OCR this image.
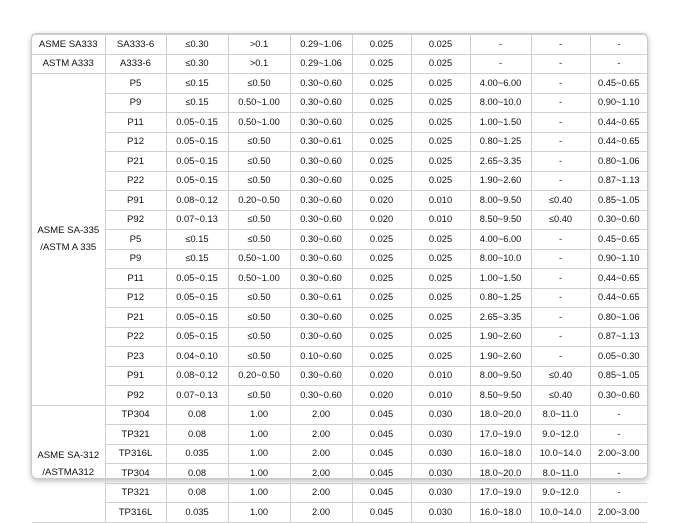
ASME SA333	SA333-6	≤0.30	>0.1	0.29~1.06	0.025	0.025	-	-	-
ASTM A333	A333-6	≤0.30	>0.1	0.29~1.06	0.025	0.025	-	-	-
ASME SA-335
/ASTM A 335	P5	≤0.15	≤0.50	0.30~0.60	0.025	0.025	4.00~6.00	-	0.45~0.65
	P9	≤0.15	0.50~1.00	0.30~0.60	0.025	0.025	8.00~10.0	-	0.90~1.10
	P11	0.05~0.15	0.50~1.00	0.30~0.60	0.025	0.025	1.00~1.50	-	0.44~0.65
	P12	0.05~0.15	≤0.50	0.30~0.61	0.025	0.025	0.80~1.25	-	0.44~0.65
	P21	0.05~0.15	≤0.50	0.30~0.60	0.025	0.025	2.65~3.35	-	0.80~1.06
	P22	0.05~0.15	≤0.50	0.30~0.60	0.025	0.025	1.90~2.60	-	0.87~1.13
	P91	0.08~0.12	0.20~0.50	0.30~0.60	0.020	0.010	8.00~9.50	≤0.40	0.85~1.05
	P92	0.07~0.13	≤0.50	0.30~0.60	0.020	0.010	8.50~9.50	≤0.40	0.30~0.60
	P5	≤0.15	≤0.50	0.30~0.60	0.025	0.025	4.00~6.00	-	0.45~0.65
	P9	≤0.15	0.50~1.00	0.30~0.60	0.025	0.025	8.00~10.0	-	0.90~1.10
	P11	0.05~0.15	0.50~1.00	0.30~0.60	0.025	0.025	1.00~1.50	-	0.44~0.65
	P12	0.05~0.15	≤0.50	0.30~0.61	0.025	0.025	0.80~1.25	-	0.44~0.65
	P21	0.05~0.15	≤0.50	0.30~0.60	0.025	0.025	2.65~3.35	-	0.80~1.06
	P22	0.05~0.15	≤0.50	0.30~0.60	0.025	0.025	1.90~2.60	-	0.87~1.13
	P23	0.04~0.10	≤0.50	0.10~0.60	0.025	0.025	1.90~2.60	-	0.05~0.30
	P91	0.08~0.12	0.20~0.50	0.30~0.60	0.020	0.010	8.00~9.50	≤0.40	0.85~1.05
	P92	0.07~0.13	≤0.50	0.30~0.60	0.020	0.010	8.50~9.50	≤0.40	0.30~0.60
ASME SA-312
/ASTMA312	TP304	0.08	1.00	2.00	0.045	0.030	18.0~20.0	8.0~11.0	-
	TP321	0.08	1.00	2.00	0.045	0.030	17.0~19.0	9.0~12.0	-
	TP316L	0.035	1.00	2.00	0.045	0.030	16.0~18.0	10.0~14.0	2.00~3.00
	TP304	0.08	1.00	2.00	0.045	0.030	18.0~20.0	8.0~11.0	-
	TP321	0.08	1.00	2.00	0.045	0.030	17.0~19.0	9.0~12.0	-
	TP316L	0.035	1.00	2.00	0.045	0.030	16.0~18.0	10.0~14.0	2.00~3.00
